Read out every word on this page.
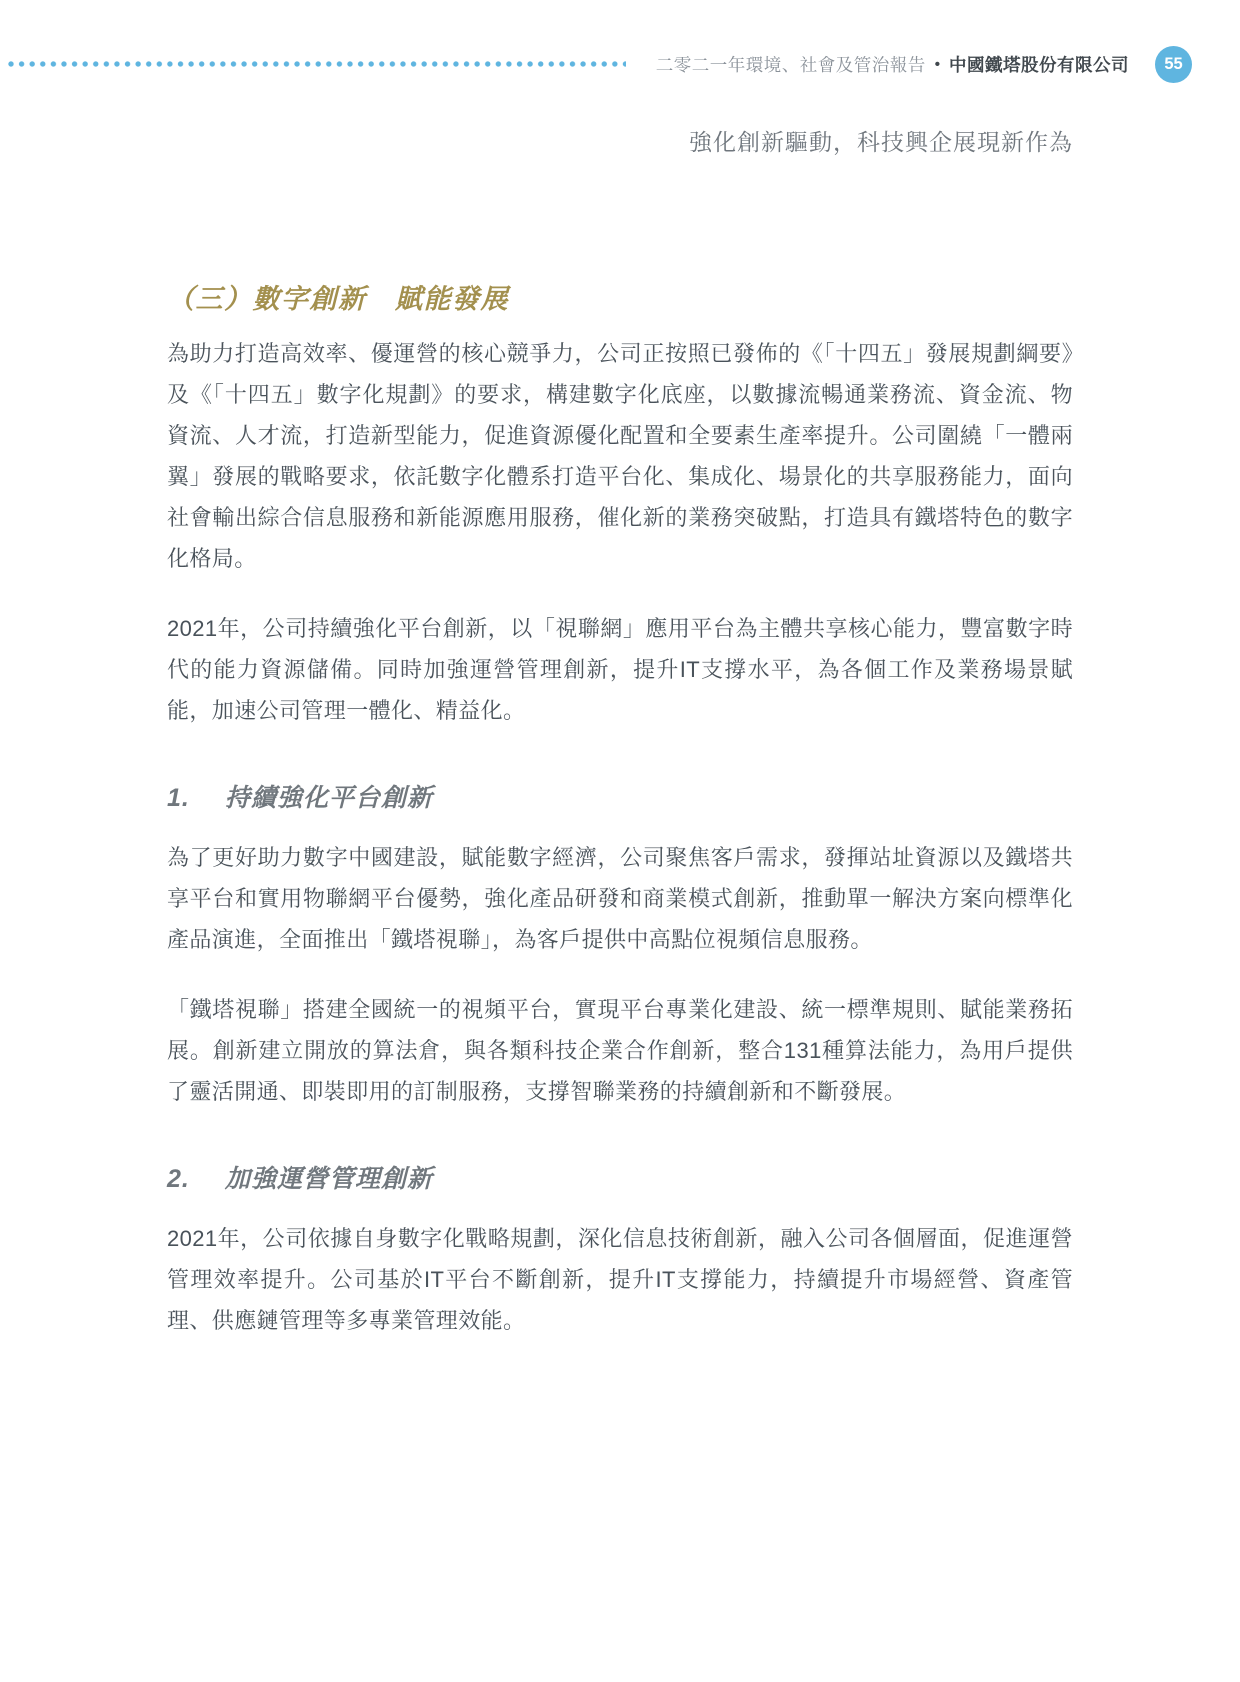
二零二一年環境、社會及管治報告 • 中國鐵塔股份有限公司	55
強化創新驅動，科技興企展現新作為
（三）數字創新　賦能發展

為助力打造高效率、優運營的核心競爭力，公司正按照已發佈的《「十四五」發展規劃綱要》及《「十四五」數字化規劃》的要求，構建數字化底座，以數據流暢通業務流、資金流、物資流、人才流，打造新型能力，促進資源優化配置和全要素生產率提升。公司圍繞「一體兩翼」發展的戰略要求，依託數字化體系打造平台化、集成化、場景化的共享服務能力，面向社會輸出綜合信息服務和新能源應用服務，催化新的業務突破點，打造具有鐵塔特色的數字化格局。

2021年，公司持續強化平台創新，以「視聯網」應用平台為主體共享核心能力，豐富數字時代的能力資源儲備。同時加強運營管理創新，提升IT支撐水平，為各個工作及業務場景賦能，加速公司管理一體化、精益化。

1.	持續強化平台創新

為了更好助力數字中國建設，賦能數字經濟，公司聚焦客戶需求，發揮站址資源以及鐵塔共享平台和實用物聯網平台優勢，強化產品研發和商業模式創新，推動單一解決方案向標準化產品演進，全面推出「鐵塔視聯」，為客戶提供中高點位視頻信息服務。

「鐵塔視聯」搭建全國統一的視頻平台，實現平台專業化建設、統一標準規則、賦能業務拓展。創新建立開放的算法倉，與各類科技企業合作創新，整合131種算法能力，為用戶提供了靈活開通、即裝即用的訂制服務，支撐智聯業務的持續創新和不斷發展。

2.	加強運營管理創新

2021年，公司依據自身數字化戰略規劃，深化信息技術創新，融入公司各個層面，促進運營管理效率提升。公司基於IT平台不斷創新，提升IT支撐能力，持續提升市場經營、資產管理、供應鏈管理等多專業管理效能。
